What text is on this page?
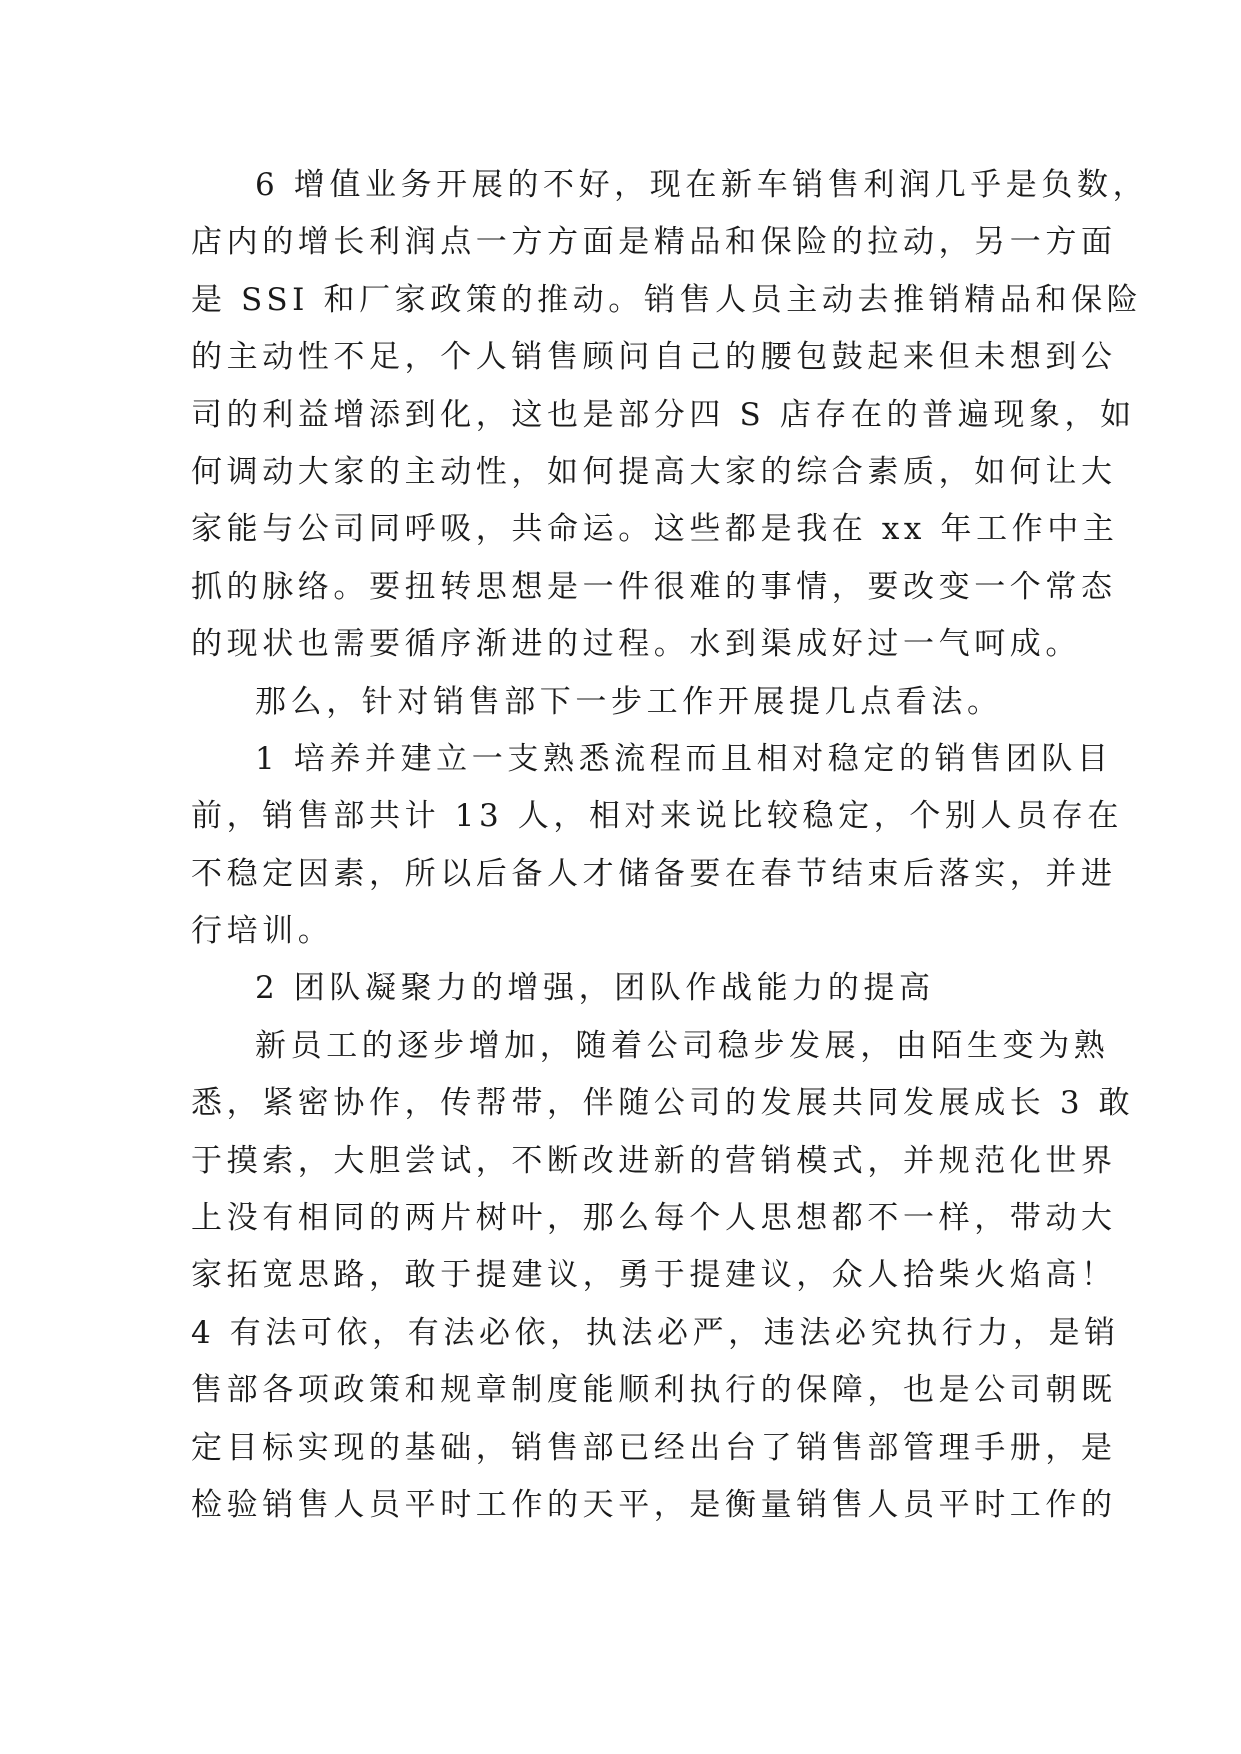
6 增值业务开展的不好，现在新车销售利润几乎是负数，
店内的增长利润点一方方面是精品和保险的拉动，另一方面
是 SSI 和厂家政策的推动。销售人员主动去推销精品和保险
的主动性不足，个人销售顾问自己的腰包鼓起来但未想到公
司的利益增添到化，这也是部分四 S 店存在的普遍现象，如
何调动大家的主动性，如何提高大家的综合素质，如何让大
家能与公司同呼吸，共命运。这些都是我在 xx 年工作中主
抓的脉络。要扭转思想是一件很难的事情，要改变一个常态
的现状也需要循序渐进的过程。水到渠成好过一气呵成。
那么，针对销售部下一步工作开展提几点看法。
1 培养并建立一支熟悉流程而且相对稳定的销售团队目
前，销售部共计 13 人，相对来说比较稳定，个别人员存在
不稳定因素，所以后备人才储备要在春节结束后落实，并进
行培训。
2 团队凝聚力的增强，团队作战能力的提高
新员工的逐步增加，随着公司稳步发展，由陌生变为熟
悉，紧密协作，传帮带，伴随公司的发展共同发展成长 3 敢
于摸索，大胆尝试，不断改进新的营销模式，并规范化世界
上没有相同的两片树叶，那么每个人思想都不一样，带动大
家拓宽思路，敢于提建议，勇于提建议，众人拾柴火焰高！
4 有法可依，有法必依，执法必严，违法必究执行力，是销
售部各项政策和规章制度能顺利执行的保障，也是公司朝既
定目标实现的基础，销售部已经出台了销售部管理手册，是
检验销售人员平时工作的天平，是衡量销售人员平时工作的
